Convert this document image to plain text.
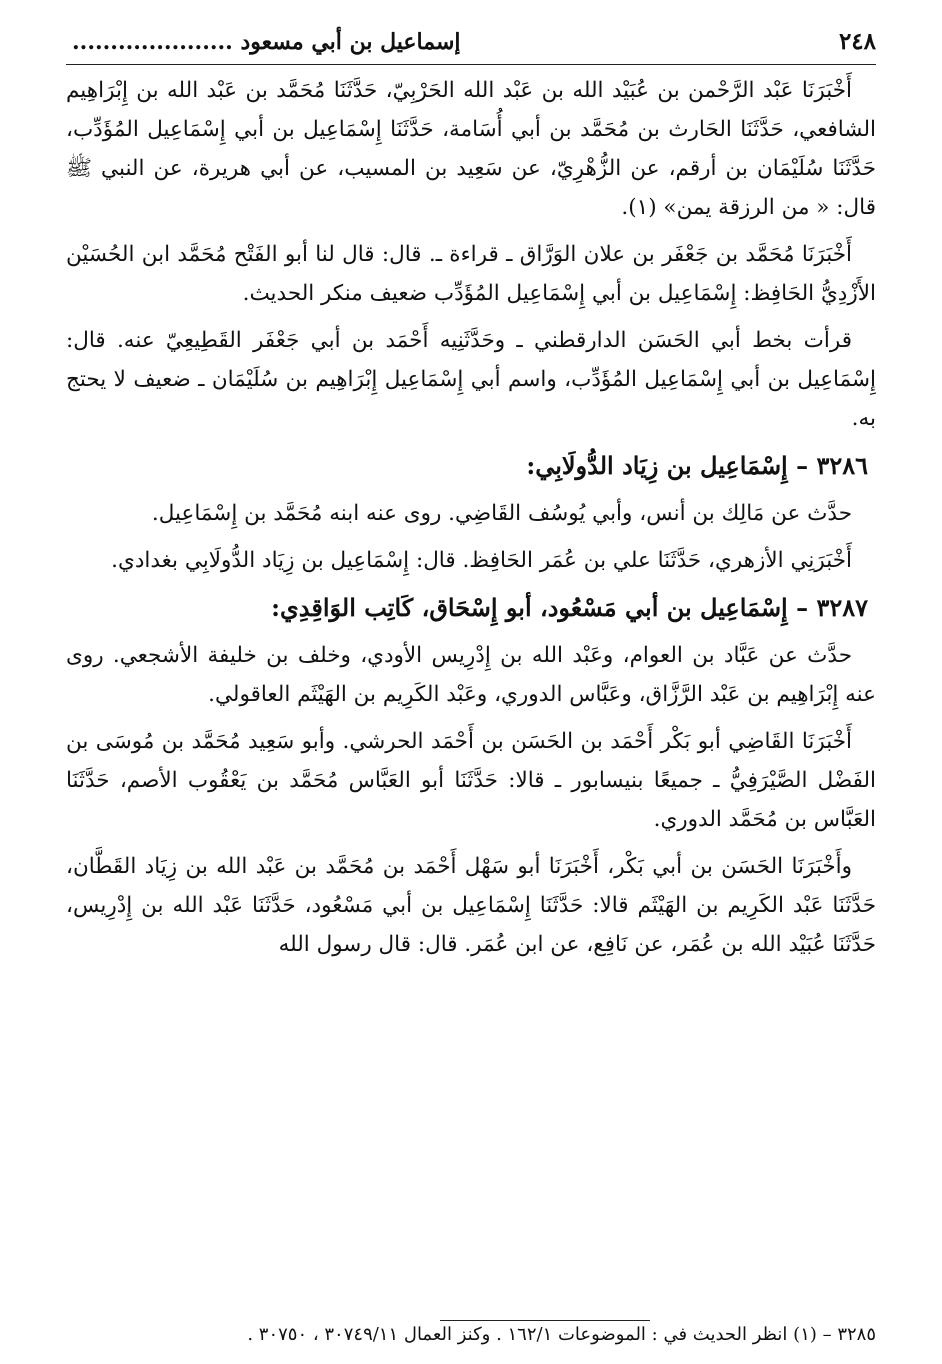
٢٤٨
إسماعيل بن أبي مسعود .....................

أَخْبَرَنَا عَبْد الرَّحْمن بن عُبَيْد الله بن عَبْد الله الحَرْبِيّ، حَدَّثَنَا مُحَمَّد بن عَبْد الله بن إِبْرَاهِيم الشافعي، حَدَّثَنَا الحَارث بن مُحَمَّد بن أبي أُسَامة، حَدَّثَنَا إِسْمَاعِيل بن أبي إِسْمَاعِيل المُؤَدِّب، حَدَّثَنَا سُلَيْمَان بن أرقم، عن الزُّهْرِيّ، عن سَعِيد بن المسيب، عن أبي هريرة، عن النبي ﷺ قال: « من الرزقة يمن» (١).

أَخْبَرَنَا مُحَمَّد بن جَعْفَر بن علان الوَرَّاق ـ قراءة ـ. قال: قال لنا أبو الفَتْح مُحَمَّد ابن الحُسَيْن الأَزْدِيُّ الحَافِظ: إِسْمَاعِيل بن أبي إِسْمَاعِيل المُؤَدِّب ضعيف منكر الحديث.

قرأت بخط أبي الحَسَن الدارقطني ـ وحَدَّثَنِيه أَحْمَد بن أبي جَعْفَر القَطِيعِيّ عنه. قال: إِسْمَاعِيل بن أبي إِسْمَاعِيل المُؤَدِّب، واسم أبي إِسْمَاعِيل إِبْرَاهِيم بن سُلَيْمَان ـ ضعيف لا يحتج به.

٣٢٨٦ – إِسْمَاعِيل بن زِيَاد الدُّولَابِي:

حدَّث عن مَالِك بن أنس، وأبي يُوسُف القَاضِي. روى عنه ابنه مُحَمَّد بن إِسْمَاعِيل.

أَخْبَرَنِي الأزهري، حَدَّثَنَا علي بن عُمَر الحَافِظ. قال: إِسْمَاعِيل بن زِيَاد الدُّولَابِي بغدادي.

٣٢٨٧ – إِسْمَاعِيل بن أبي مَسْعُود، أبو إِسْحَاق، كَاتِب الوَاقِدِي:

حدَّث عن عَبَّاد بن العوام، وعَبْد الله بن إِدْرِيس الأودي، وخلف بن خليفة الأشجعي. روى عنه إِبْرَاهِيم بن عَبْد الرَّزَّاق، وعَبَّاس الدوري، وعَبْد الكَرِيم بن الهَيْثَم العاقولي.

أَخْبَرَنَا القَاضِي أبو بَكْر أَحْمَد بن الحَسَن بن أَحْمَد الحرشي. وأبو سَعِيد مُحَمَّد بن مُوسَى بن الفَضْل الصَّيْرَفِيُّ ـ جميعًا بنيسابور ـ قالا: حَدَّثَنَا أبو العَبَّاس مُحَمَّد بن يَعْقُوب الأصم، حَدَّثَنَا العَبَّاس بن مُحَمَّد الدوري.

وأَخْبَرَنَا الحَسَن بن أبي بَكْر، أَخْبَرَنَا أبو سَهْل أَحْمَد بن مُحَمَّد بن عَبْد الله بن زِيَاد القَطَّان، حَدَّثَنَا عَبْد الكَرِيم بن الهَيْثَم قالا: حَدَّثَنَا إِسْمَاعِيل بن أبي مَسْعُود، حَدَّثَنَا عَبْد الله بن إِدْرِيس، حَدَّثَنَا عُبَيْد الله بن عُمَر، عن نَافِع، عن ابن عُمَر. قال: قال رسول الله

٣٢٨٥ – (١) انظر الحديث في : الموضوعات ١٦٢/١ . وكنز العمال ٣٠٧٤٩/١١ ، ٣٠٧٥٠ .
